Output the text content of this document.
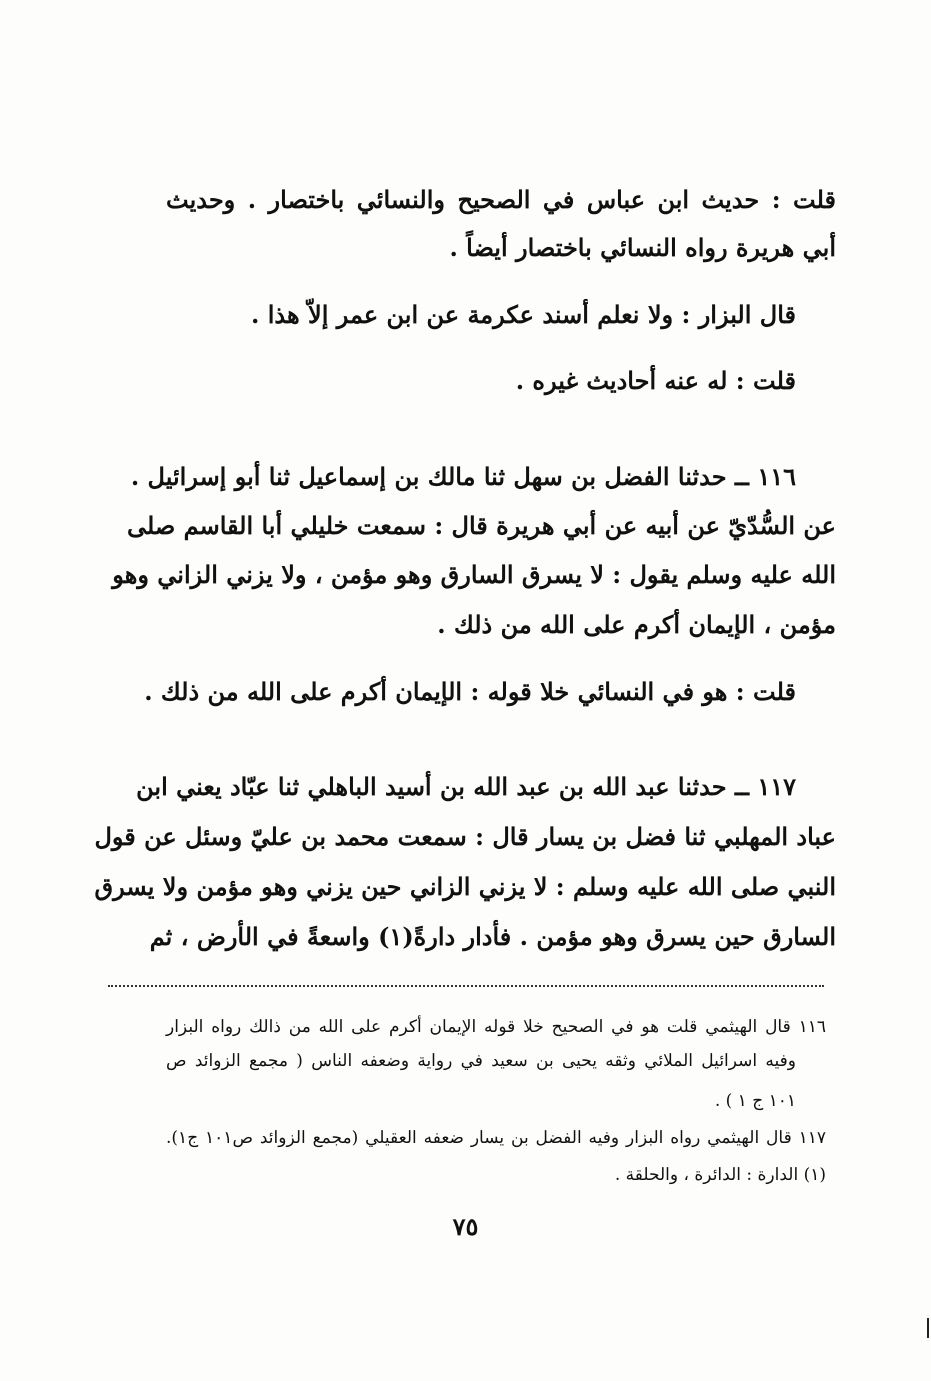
قلت : حديث ابن عباس في الصحيح والنسائي باختصار . وحديث
أبي هريرة رواه النسائي باختصار أيضاً .
قال البزار : ولا نعلم أسند عكرمة عن ابن عمر إلاّ هذا .
قلت : له عنه أحاديث غيره .
١١٦ ــ حدثنا الفضل بن سهل ثنا مالك بن إسماعيل ثنا أبو إسرائيل .
عن السُّدّيّ عن أبيه عن أبي هريرة قال : سمعت خليلي أبا القاسم صلى
الله عليه وسلم يقول : لا يسرق السارق وهو مؤمن ، ولا يزني الزاني وهو
مؤمن ، الإيمان أكرم على الله من ذلك .
قلت : هو في النسائي خلا قوله : الإيمان أكرم على الله من ذلك .
١١٧ ــ حدثنا عبد الله بن عبد الله بن أسيد الباهلي ثنا عبّاد يعني ابن
عباد المهلبي ثنا فضل بن يسار قال : سمعت محمد بن عليّ وسئل عن قول
النبي صلى الله عليه وسلم : لا يزني الزاني حين يزني وهو مؤمن ولا يسرق
السارق حين يسرق وهو مؤمن . فأدار دارةً(١) واسعةً في الأرض ، ثم
١١٦ قال الهيثمي قلت هو في الصحيح خلا قوله الإيمان أكرم على الله من ذالك رواه البزار
وفيه اسرائيل الملائي وثقه يحيى بن سعيد في رواية وضعفه الناس ( مجمع الزوائد ص
١٠١ ج ١ ) .
١١٧ قال الهيثمي رواه البزار وفيه الفضل بن يسار ضعفه العقيلي (مجمع الزوائد ص١٠١ ج١).
(١) الدارة : الدائرة ، والحلقة .
٧٥
